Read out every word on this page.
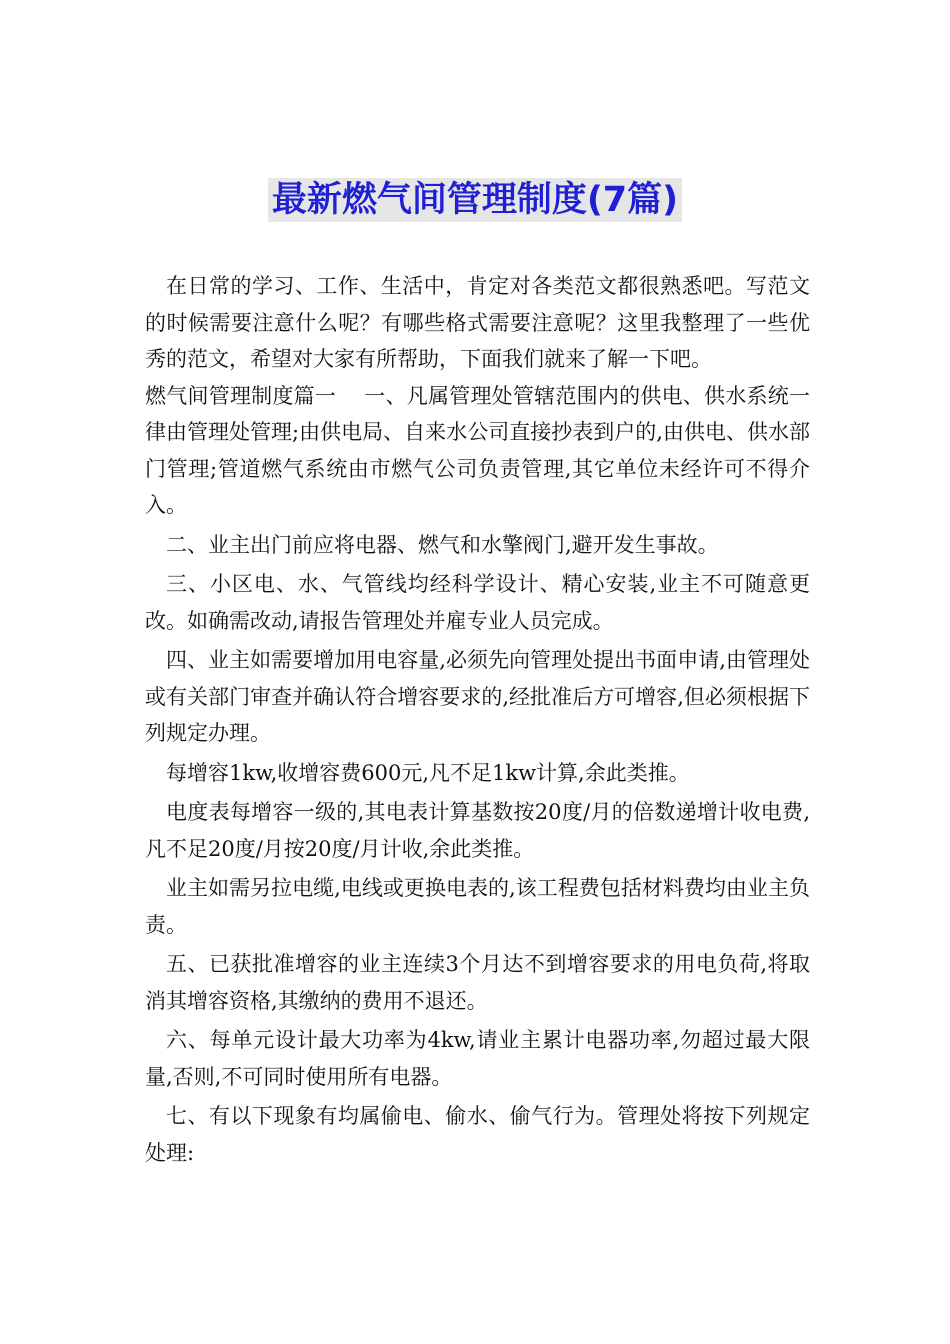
最新燃气间管理制度(7篇)

在日常的学习、工作、生活中，肯定对各类范文都很熟悉吧。写范文的时候需要注意什么呢？有哪些格式需要注意呢？这里我整理了一些优秀的范文，希望对大家有所帮助，下面我们就来了解一下吧。

燃气间管理制度篇一　 一、凡属管理处管辖范围内的供电、供水系统一律由管理处管理;由供电局、自来水公司直接抄表到户的,由供电、供水部门管理;管道燃气系统由市燃气公司负责管理,其它单位未经许可不得介入。

二、业主出门前应将电器、燃气和水擎阀门,避开发生事故。

三、小区电、水、气管线均经科学设计、精心安装,业主不可随意更改。如确需改动,请报告管理处并雇专业人员完成。

四、业主如需要增加用电容量,必须先向管理处提出书面申请,由管理处或有关部门审查并确认符合增容要求的,经批准后方可增容,但必须根据下列规定办理。

每增容1kw,收增容费600元,凡不足1kw计算,余此类推。

电度表每增容一级的,其电表计算基数按20度/月的倍数递增计收电费,凡不足20度/月按20度/月计收,余此类推。

业主如需另拉电缆,电线或更换电表的,该工程费包括材料费均由业主负责。

五、已获批准增容的业主连续3个月达不到增容要求的用电负荷,将取消其增容资格,其缴纳的费用不退还。

六、每单元设计最大功率为4kw,请业主累计电器功率,勿超过最大限量,否则,不可同时使用所有电器。

七、有以下现象有均属偷电、偷水、偷气行为。管理处将按下列规定处理:
